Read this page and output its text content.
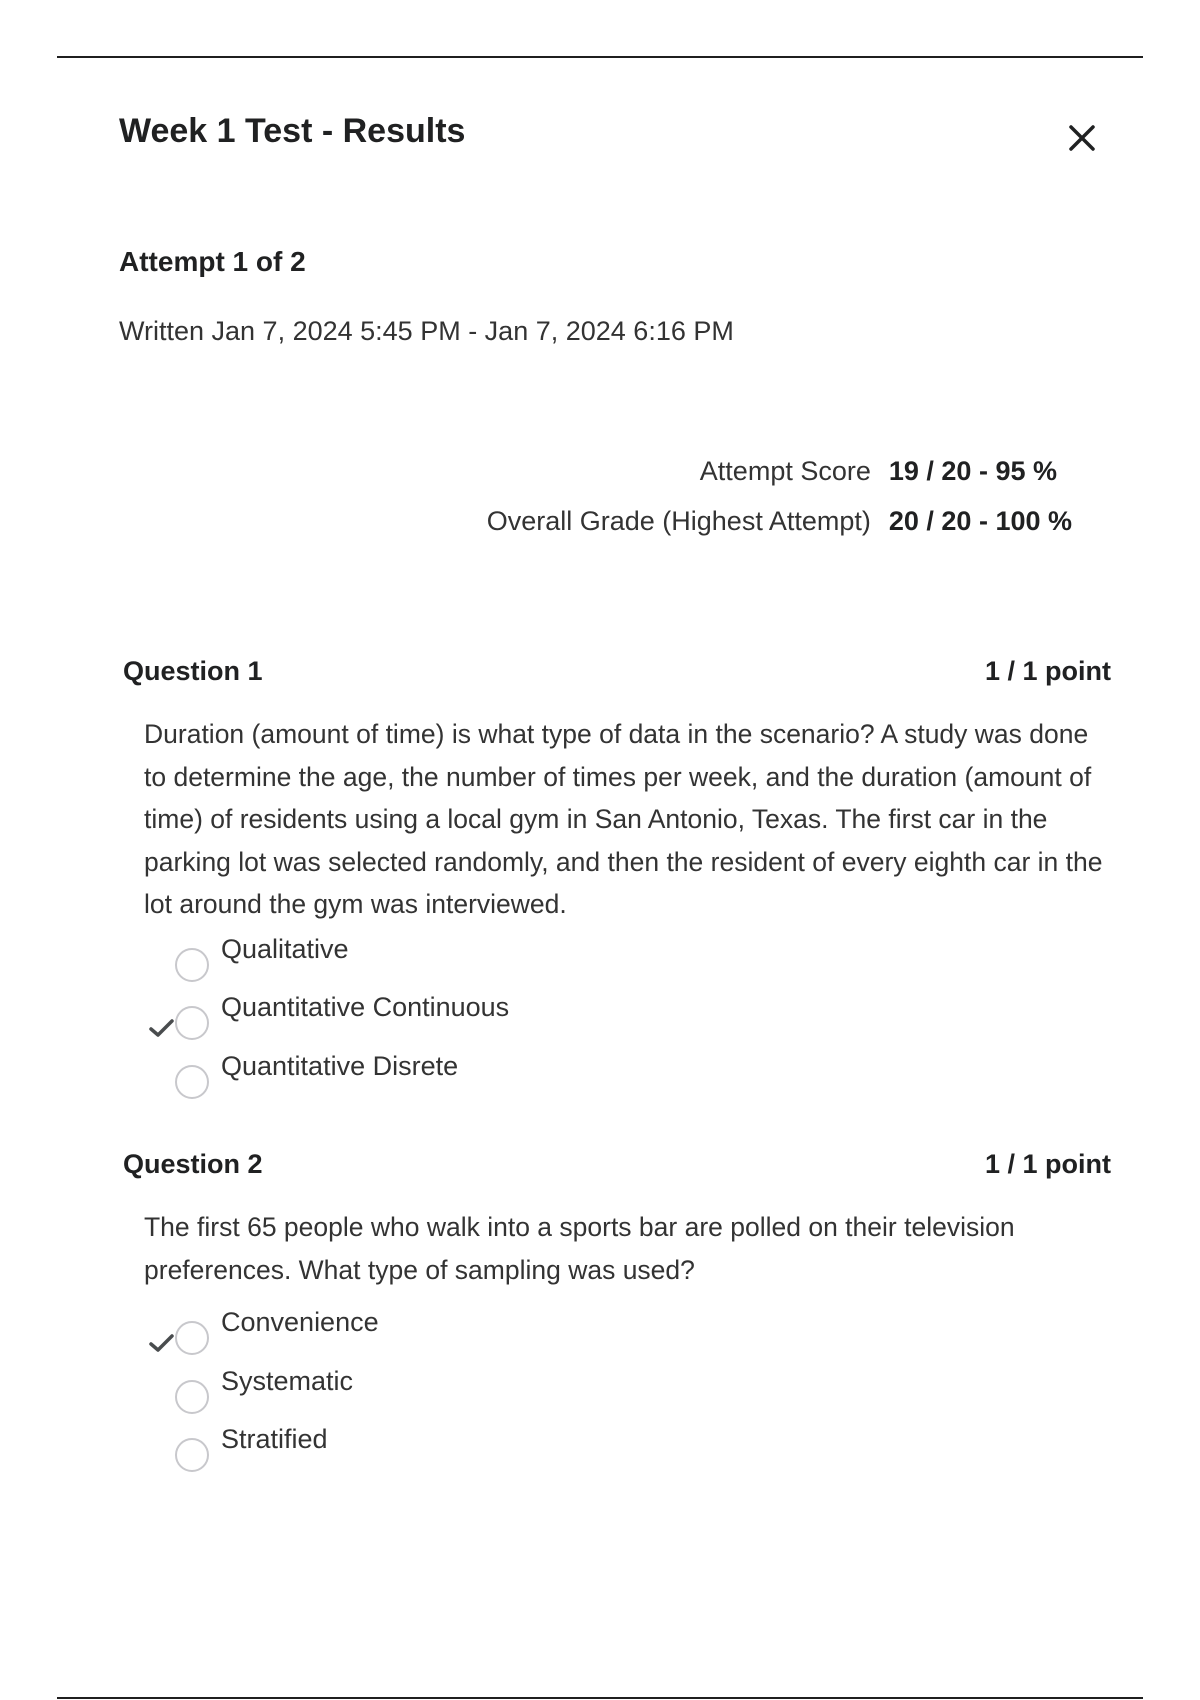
Week 1 Test - Results
Attempt 1 of 2
Written Jan 7, 2024 5:45 PM - Jan 7, 2024 6:16 PM
Attempt Score	19 / 20 - 95 %
Overall Grade (Highest Attempt)	20 / 20 - 100 %
Question 1	1 / 1 point
Duration (amount of time) is what type of data in the scenario? A study was done to determine the age, the number of times per week, and the duration (amount of time) of residents using a local gym in San Antonio, Texas. The first car in the parking lot was selected randomly, and then the resident of every eighth car in the lot around the gym was interviewed.
Qualitative
Quantitative Continuous
Quantitative Disrete
Question 2	1 / 1 point
The first 65 people who walk into a sports bar are polled on their television preferences. What type of sampling was used?
Convenience
Systematic
Stratified
